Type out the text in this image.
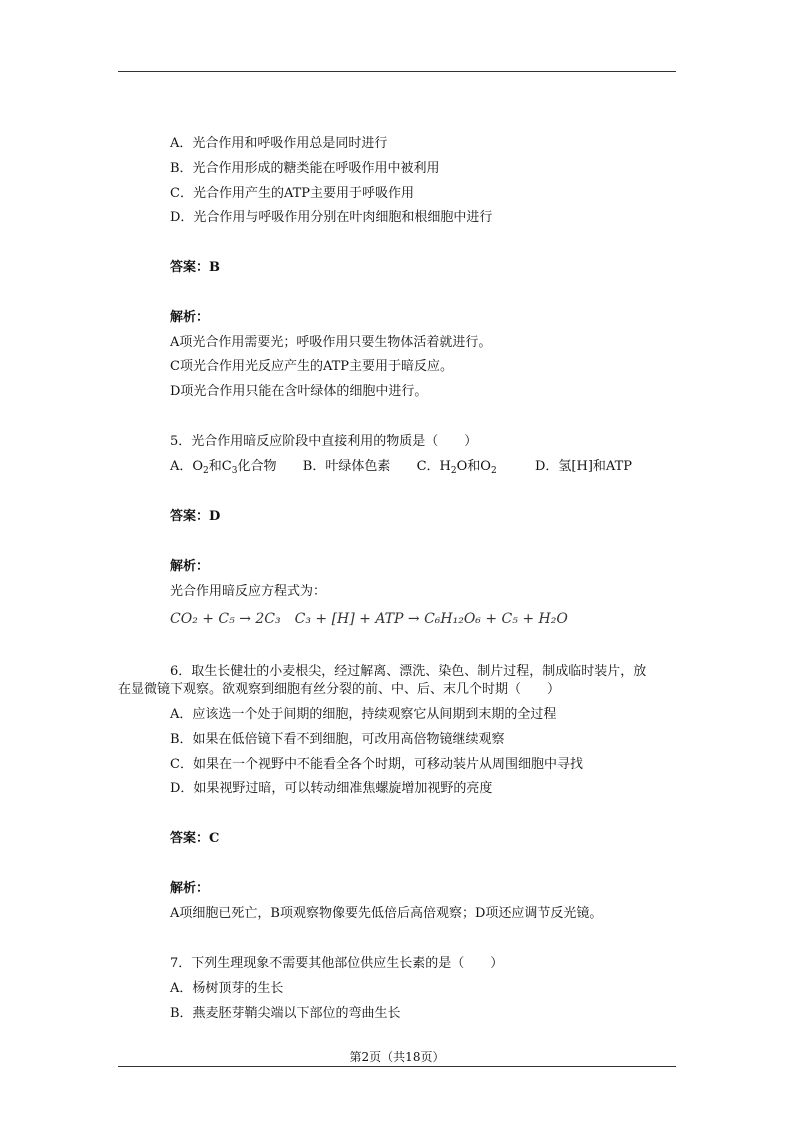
A．光合作用和呼吸作用总是同时进行
B．光合作用形成的糖类能在呼吸作用中被利用
C．光合作用产生的ATP主要用于呼吸作用
D．光合作用与呼吸作用分别在叶肉细胞和根细胞中进行
答案：B
解析：
A项光合作用需要光；呼吸作用只要生物体活着就进行。
C项光合作用光反应产生的ATP主要用于暗反应。
D项光合作用只能在含叶绿体的细胞中进行。
5．光合作用暗反应阶段中直接利用的物质是（　　）
A．$O_2$和$C_3$化合物 B．叶绿体色素 C．$H_2O$和$O_2$	D．氢[H]和ATP
答案：D
解析：
光合作用暗反应方程式为：
CO₂ + C₅ → 2C₃　C₃ + [H] + ATP → C₆H₁₂O₆ + C₅ + H₂O
6．取生长健壮的小麦根尖，经过解离、漂洗、染色、制片过程，制成临时装片，放
在显微镜下观察。欲观察到细胞有丝分裂的前、中、后、末几个时期（　　）
A．应该选一个处于间期的细胞，持续观察它从间期到末期的全过程
B．如果在低倍镜下看不到细胞，可改用高倍物镜继续观察
C．如果在一个视野中不能看全各个时期，可移动装片从周围细胞中寻找
D．如果视野过暗，可以转动细准焦螺旋增加视野的亮度
答案：C
解析：
A项细胞已死亡，B项观察物像要先低倍后高倍观察；D项还应调节反光镜。
7．下列生理现象不需要其他部位供应生长素的是（　　）
A．杨树顶芽的生长
B．燕麦胚芽鞘尖端以下部位的弯曲生长
第2页（共18页）
